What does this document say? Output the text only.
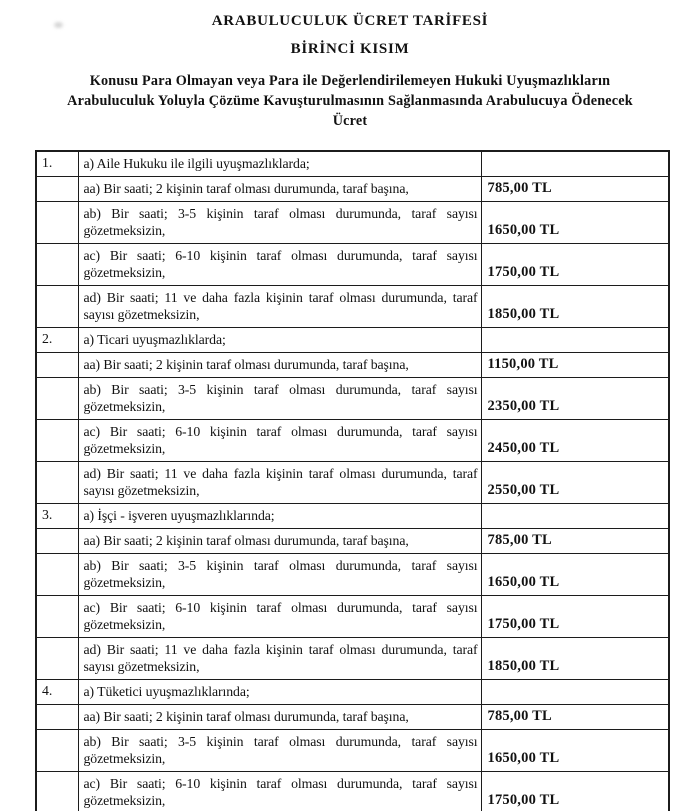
ARABULUCULUK ÜCRET TARİFESİ
BİRİNCİ KISIM

Konusu Para Olmayan veya Para ile Değerlendirilemeyen Hukuki Uyuşmazlıkların Arabuluculuk Yoluyla Çözüme Kavuşturulmasının Sağlanmasında Arabulucuya Ödenecek Ücret

1.	a) Aile Hukuku ile ilgili uyuşmazlıklarda;	
	aa) Bir saati; 2 kişinin taraf olması durumunda, taraf başına,	785,00 TL
	ab) Bir saati; 3-5 kişinin taraf olması durumunda, taraf sayısı gözetmeksizin,	1650,00 TL
	ac) Bir saati; 6-10 kişinin taraf olması durumunda, taraf sayısı gözetmeksizin,	1750,00 TL
	ad) Bir saati; 11 ve daha fazla kişinin taraf olması durumunda, taraf sayısı gözetmeksizin,	1850,00 TL
2.	a) Ticari uyuşmazlıklarda;	
	aa) Bir saati; 2 kişinin taraf olması durumunda, taraf başına,	1150,00 TL
	ab) Bir saati; 3-5 kişinin taraf olması durumunda, taraf sayısı gözetmeksizin,	2350,00 TL
	ac) Bir saati; 6-10 kişinin taraf olması durumunda, taraf sayısı gözetmeksizin,	2450,00 TL
	ad) Bir saati; 11 ve daha fazla kişinin taraf olması durumunda, taraf sayısı gözetmeksizin,	2550,00 TL
3.	a) İşçi - işveren uyuşmazlıklarında;	
	aa) Bir saati; 2 kişinin taraf olması durumunda, taraf başına,	785,00 TL
	ab) Bir saati; 3-5 kişinin taraf olması durumunda, taraf sayısı gözetmeksizin,	1650,00 TL
	ac) Bir saati; 6-10 kişinin taraf olması durumunda, taraf sayısı gözetmeksizin,	1750,00 TL
	ad) Bir saati; 11 ve daha fazla kişinin taraf olması durumunda, taraf sayısı gözetmeksizin,	1850,00 TL
4.	a) Tüketici uyuşmazlıklarında;	
	aa) Bir saati; 2 kişinin taraf olması durumunda, taraf başına,	785,00 TL
	ab) Bir saati; 3-5 kişinin taraf olması durumunda, taraf sayısı gözetmeksizin,	1650,00 TL
	ac) Bir saati; 6-10 kişinin taraf olması durumunda, taraf sayısı gözetmeksizin,	1750,00 TL
